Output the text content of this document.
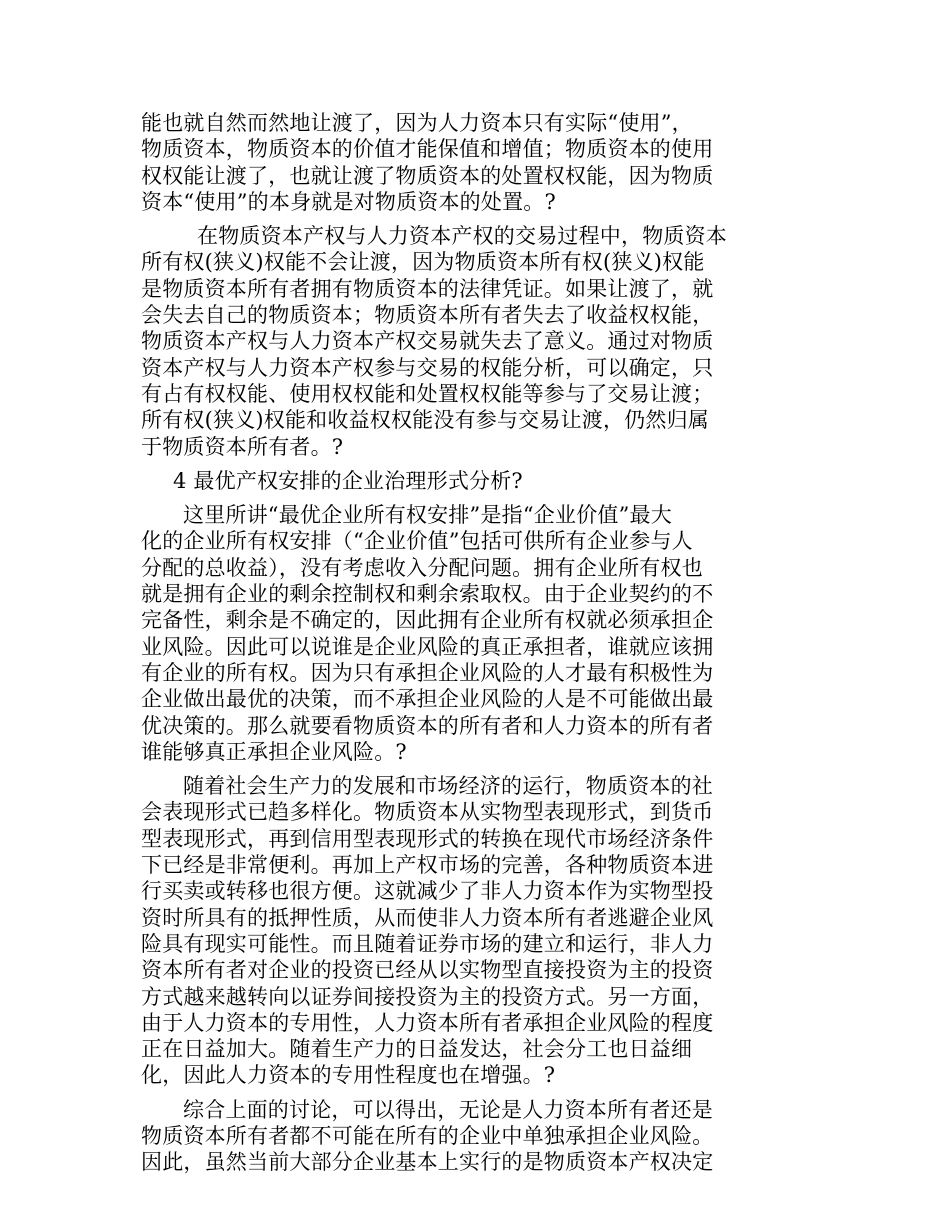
能也就自然而然地让渡了，因为人力资本只有实际“使用”，
物质资本，物质资本的价值才能保值和增值；物质资本的使用
权权能让渡了，也就让渡了物质资本的处置权权能，因为物质
资本“使用”的本身就是对物质资本的处置。?
在物质资本产权与人力资本产权的交易过程中，物质资本
所有权(狭义)权能不会让渡，因为物质资本所有权(狭义)权能
是物质资本所有者拥有物质资本的法律凭证。如果让渡了，就
会失去自己的物质资本；物质资本所有者失去了收益权权能，
物质资本产权与人力资本产权交易就失去了意义。通过对物质
资本产权与人力资本产权参与交易的权能分析，可以确定，只
有占有权权能、使用权权能和处置权权能等参与了交易让渡；
所有权(狭义)权能和收益权权能没有参与交易让渡，仍然归属
于物质资本所有者。?
4 最优产权安排的企业治理形式分析?
这里所讲“最优企业所有权安排”是指“企业价值”最大
化的企业所有权安排（“企业价值”包括可供所有企业参与人
分配的总收益），没有考虑收入分配问题。拥有企业所有权也
就是拥有企业的剩余控制权和剩余索取权。由于企业契约的不
完备性，剩余是不确定的，因此拥有企业所有权就必须承担企
业风险。因此可以说谁是企业风险的真正承担者，谁就应该拥
有企业的所有权。因为只有承担企业风险的人才最有积极性为
企业做出最优的决策，而不承担企业风险的人是不可能做出最
优决策的。那么就要看物质资本的所有者和人力资本的所有者
谁能够真正承担企业风险。?
随着社会生产力的发展和市场经济的运行，物质资本的社
会表现形式已趋多样化。物质资本从实物型表现形式，到货币
型表现形式，再到信用型表现形式的转换在现代市场经济条件
下已经是非常便利。再加上产权市场的完善，各种物质资本进
行买卖或转移也很方便。这就减少了非人力资本作为实物型投
资时所具有的抵押性质，从而使非人力资本所有者逃避企业风
险具有现实可能性。而且随着证券市场的建立和运行，非人力
资本所有者对企业的投资已经从以实物型直接投资为主的投资
方式越来越转向以证券间接投资为主的投资方式。另一方面，
由于人力资本的专用性，人力资本所有者承担企业风险的程度
正在日益加大。随着生产力的日益发达，社会分工也日益细
化，因此人力资本的专用性程度也在增强。?
综合上面的讨论，可以得出，无论是人力资本所有者还是
物质资本所有者都不可能在所有的企业中单独承担企业风险。
因此，虽然当前大部分企业基本上实行的是物质资本产权决定
